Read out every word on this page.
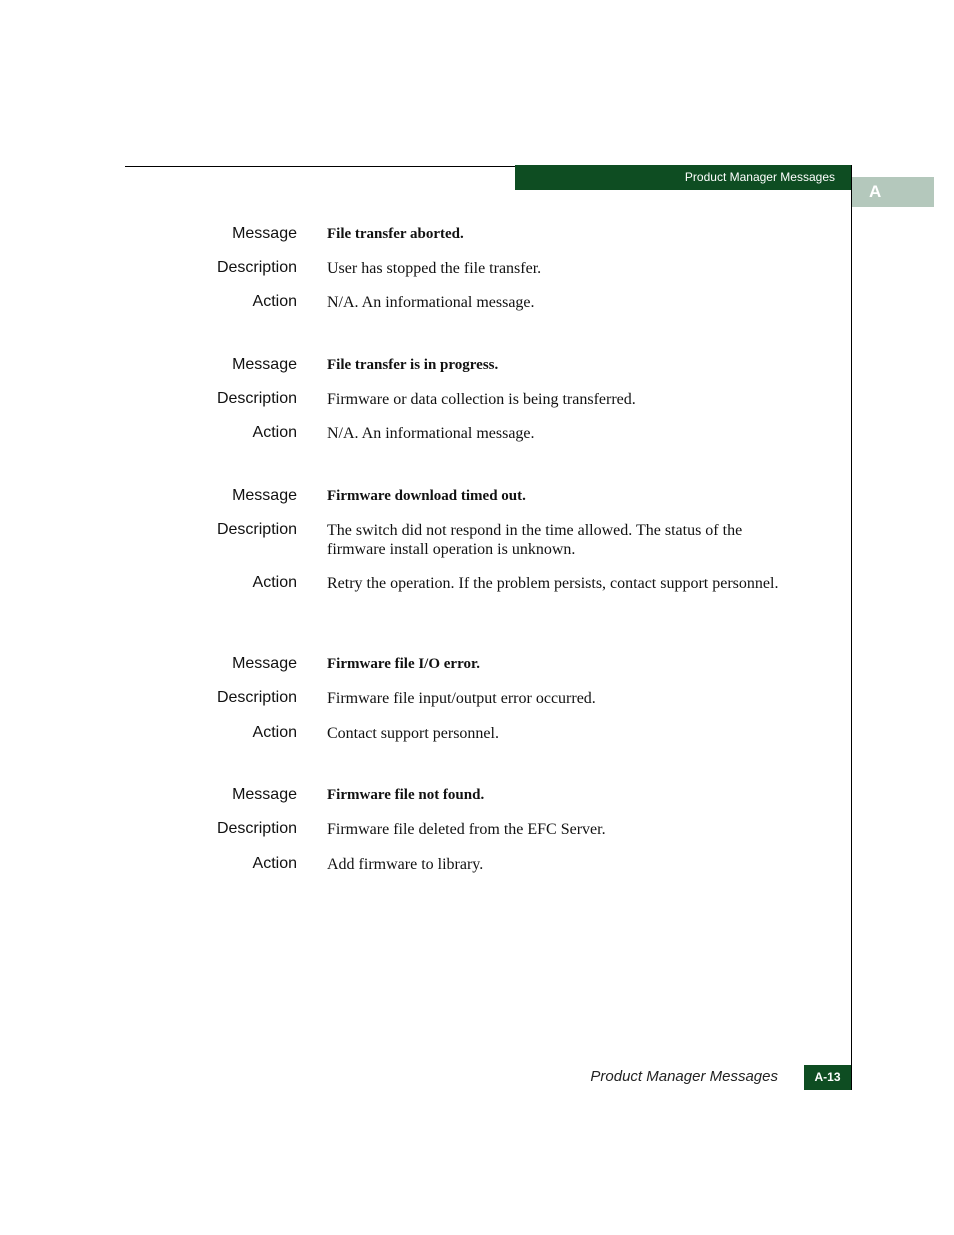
Product Manager Messages
A
Message File transfer aborted.
Description User has stopped the file transfer.
Action N/A. An informational message.
Message File transfer is in progress.
Description Firmware or data collection is being transferred.
Action N/A. An informational message.
Message Firmware download timed out.
Description The switch did not respond in the time allowed. The status of the firmware install operation is unknown.
Action Retry the operation. If the problem persists, contact support personnel.
Message Firmware file I/O error.
Description Firmware file input/output error occurred.
Action Contact support personnel.
Message Firmware file not found.
Description Firmware file deleted from the EFC Server.
Action Add firmware to library.
Product Manager Messages	A-13
